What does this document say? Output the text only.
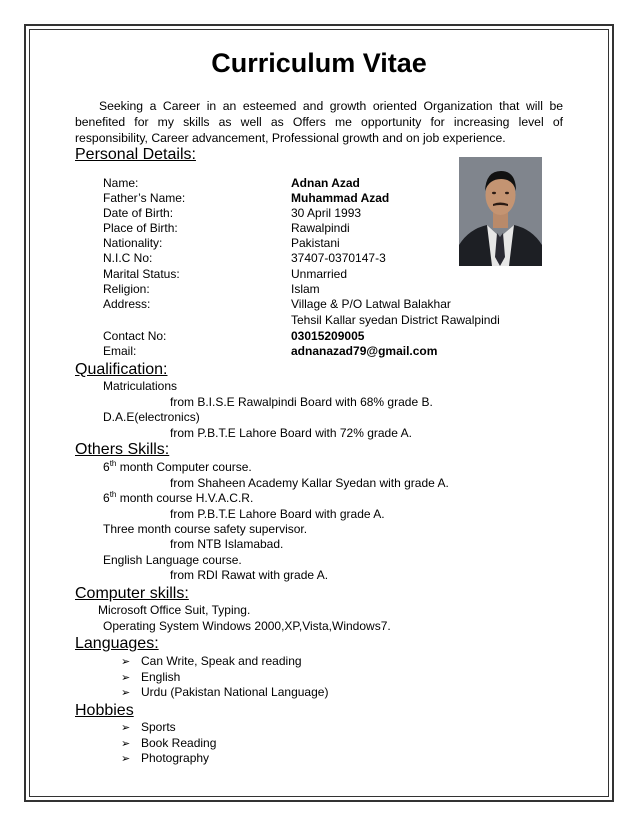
Curriculum Vitae
Seeking a Career in an esteemed and growth oriented Organization that will be benefited for my skills as well as Offers me opportunity for increasing level of responsibility, Career advancement, Professional growth and on job experience.
Personal Details:
Name:	Adnan Azad
Father’s Name:	Muhammad Azad
Date of Birth:	30 April 1993
Place of Birth:	Rawalpindi
Nationality:	Pakistani
N.I.C No:	37407-0370147-3
Marital Status:	Unmarried
Religion:	Islam
Address:	Village & P/O Latwal Balakhar
Tehsil Kallar syedan District Rawalpindi
Contact No:	03015209005
Email:	adnanazad79@gmail.com
Qualification:
Matriculations
from B.I.S.E Rawalpindi Board with 68% grade B.
D.A.E(electronics)
from P.B.T.E Lahore Board with 72% grade A.
Others Skills:
6th month Computer course.
from Shaheen Academy Kallar Syedan with grade A.
6th month course H.V.A.C.R.
from P.B.T.E Lahore Board with grade A.
Three month course safety supervisor.
from NTB Islamabad.
English Language course.
from RDI Rawat with grade A.
Computer skills:
Microsoft Office Suit, Typing.
Operating System Windows 2000,XP,Vista,Windows7.
Languages:
➢ Can Write, Speak and reading
➢ English
➢ Urdu (Pakistan National Language)
Hobbies
➢ Sports
➢ Book Reading
➢ Photography
